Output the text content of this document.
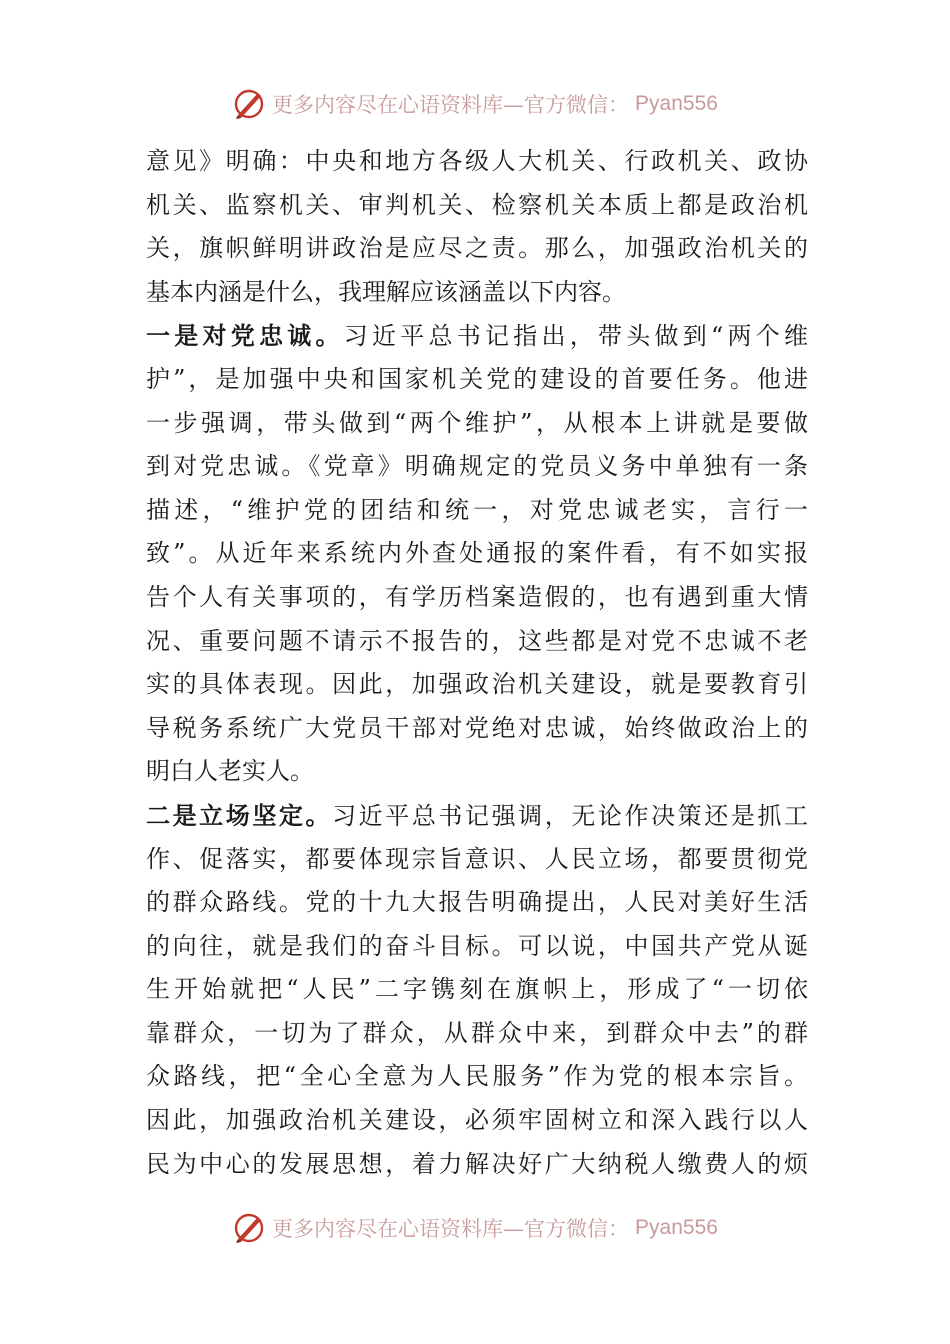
更多内容尽在心语资料库—官方微信： Pyan556
意见》明确：中央和地方各级人大机关、行政机关、政协
机关、监察机关、审判机关、检察机关本质上都是政治机
关，旗帜鲜明讲政治是应尽之责。那么，加强政治机关的
基本内涵是什么，我理解应该涵盖以下内容。
一是对党忠诚。习近平总书记指出，带头做到“两个维
护”，是加强中央和国家机关党的建设的首要任务。他进
一步强调，带头做到“两个维护”，从根本上讲就是要做
到对党忠诚。《党章》明确规定的党员义务中单独有一条
描述，“维护党的团结和统一，对党忠诚老实，言行一
致”。从近年来系统内外查处通报的案件看，有不如实报
告个人有关事项的，有学历档案造假的，也有遇到重大情
况、重要问题不请示不报告的，这些都是对党不忠诚不老
实的具体表现。因此，加强政治机关建设，就是要教育引
导税务系统广大党员干部对党绝对忠诚，始终做政治上的
明白人老实人。
二是立场坚定。习近平总书记强调，无论作决策还是抓工
作、促落实，都要体现宗旨意识、人民立场，都要贯彻党
的群众路线。党的十九大报告明确提出，人民对美好生活
的向往，就是我们的奋斗目标。可以说，中国共产党从诞
生开始就把“人民”二字镌刻在旗帜上，形成了“一切依
靠群众，一切为了群众，从群众中来，到群众中去”的群
众路线，把“全心全意为人民服务”作为党的根本宗旨。
因此，加强政治机关建设，必须牢固树立和深入践行以人
民为中心的发展思想，着力解决好广大纳税人缴费人的烦
更多内容尽在心语资料库—官方微信： Pyan556
